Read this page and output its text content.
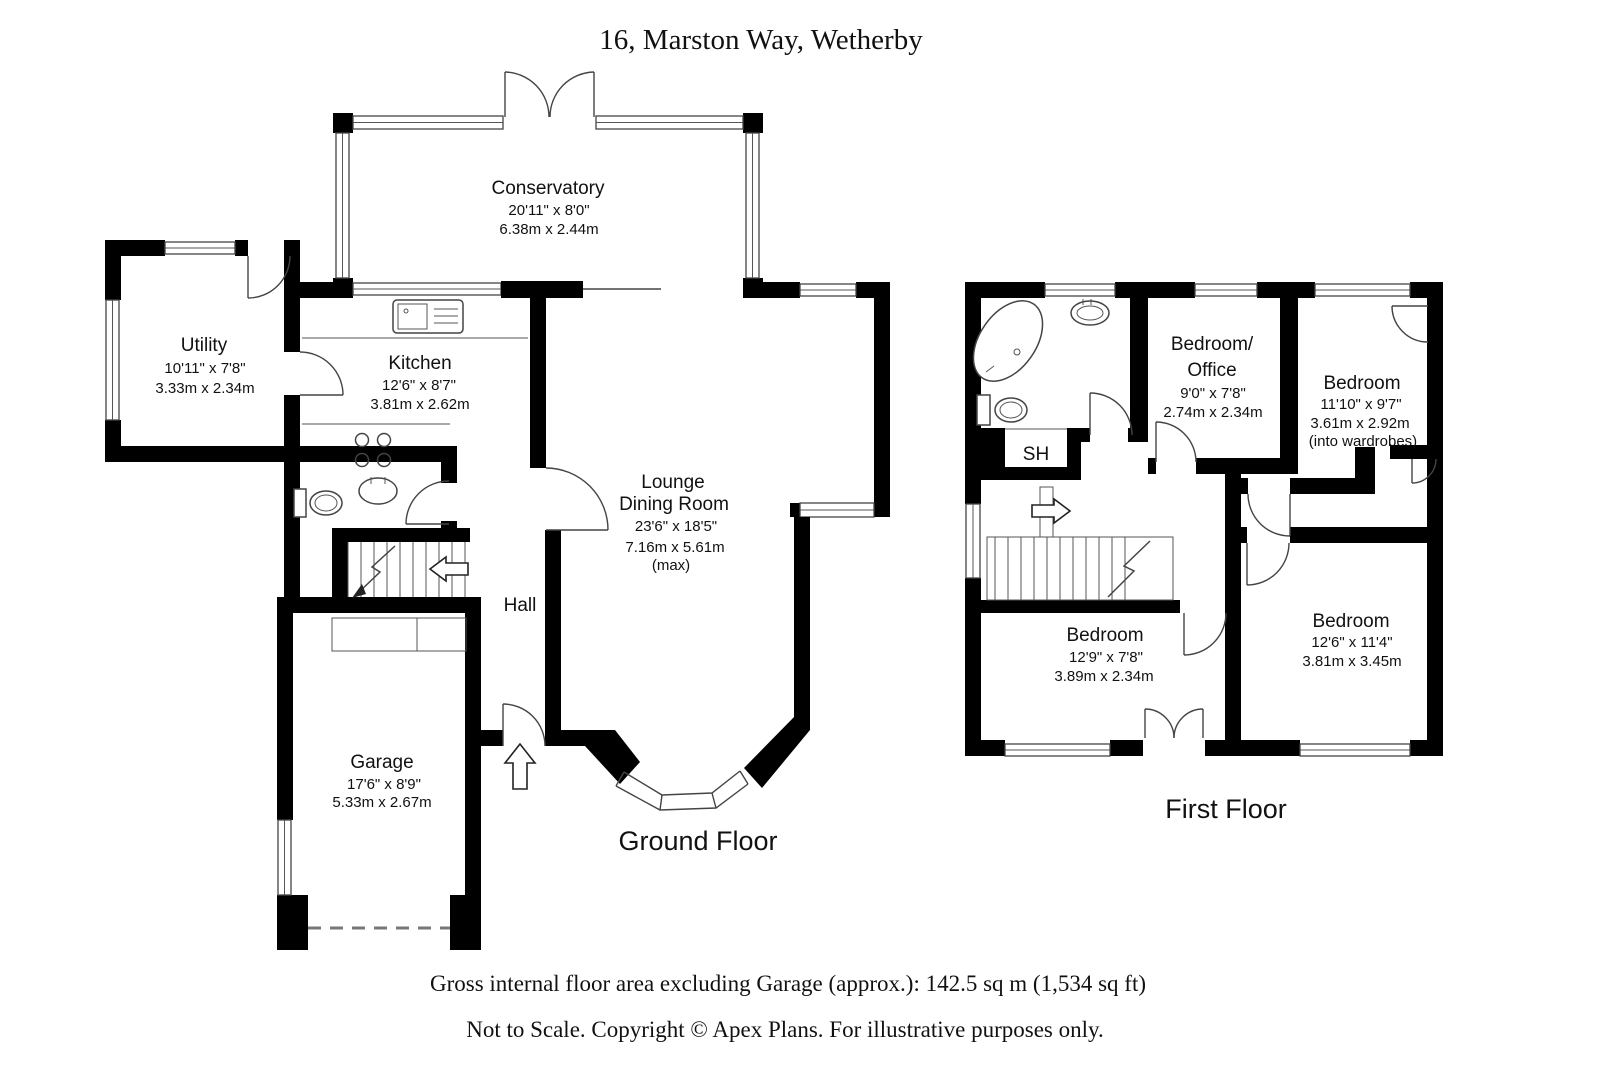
16, Marston Way, Wetherby
Conservatory
20'11" x 8'0"
6.38m x 2.44m
Utility
10'11" x 7'8"
3.33m x 2.34m
Kitchen
12'6" x 8'7"
3.81m x 2.62m
Lounge
Dining Room
23'6" x 18'5"
7.16m x 5.61m
(max)
Hall
Garage
17'6" x 8'9"
5.33m x 2.67m
Ground Floor
SH
Bedroom/
Office
9'0" x 7'8"
2.74m x 2.34m
Bedroom
11'10" x 9'7"
3.61m x 2.92m
(into wardrobes)
Bedroom
12'9" x 7'8"
3.89m x 2.34m
Bedroom
12'6" x 11'4"
3.81m x 3.45m
First Floor
Gross internal floor area excluding Garage (approx.): 142.5 sq m (1,534 sq ft)
Not to Scale. Copyright © Apex Plans. For illustrative purposes only.
